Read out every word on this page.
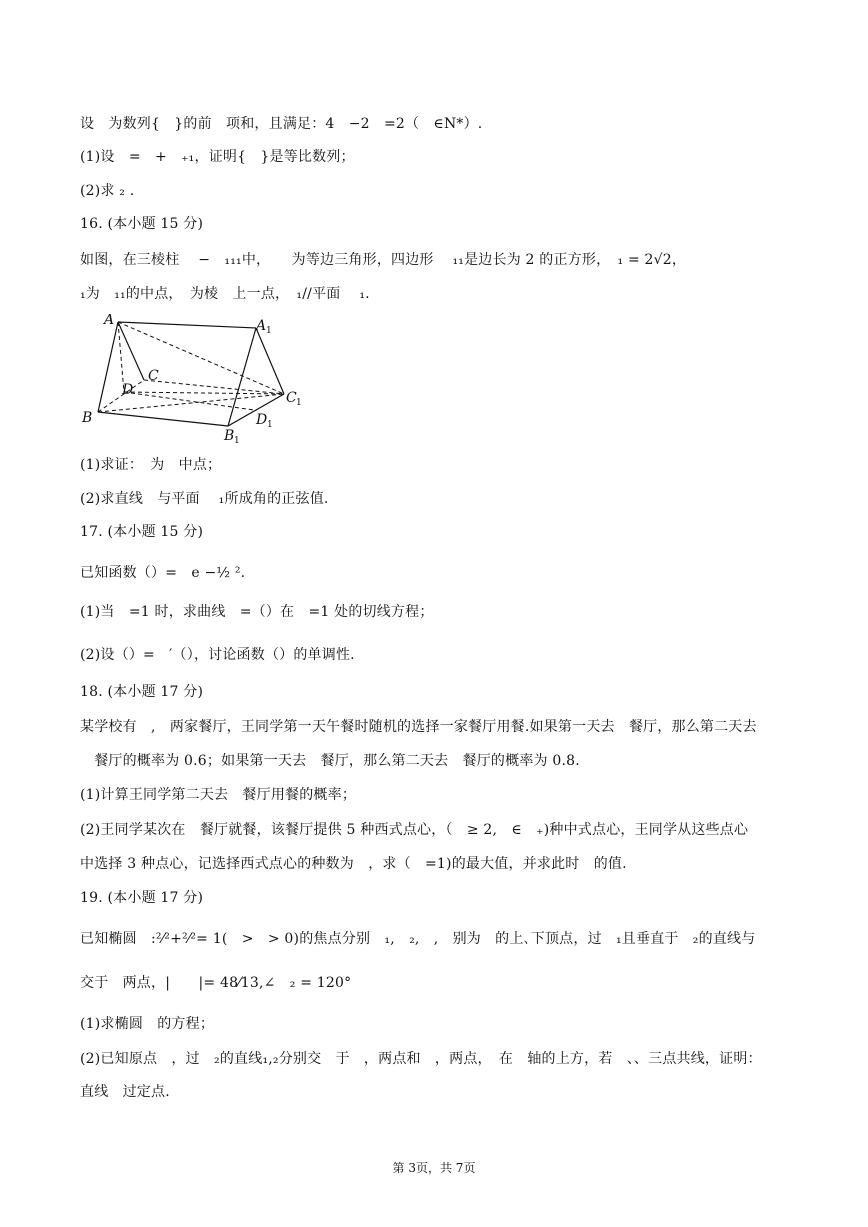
设　为数列{　}的前　项和，且满足：4　−2　=2（　∈N*）.
(1)设　=　+　₊₁，证明{　}是等比数列；
(2)求 ₂ .
16. (本小题 15 分)
如图，在三棱柱　 −　₁₁₁中，　　为等边三角形，四边形　 ₁₁是边长为 2 的正方形，　₁ = 2√2，
₁为　₁₁的中点，　为棱　上一点，　₁//平面　 ₁.
A	A 1
B
B 1
C
C 1
D
D 1
(1)求证：　为　中点；
(2)求直线　与平面　 ₁所成角的正弦值.
17. (本小题 15 分)
已知函数（）=　e −½ ².
(1)当　=1 时，求曲线　=（）在　=1 处的切线方程；
(2)设（）=　′（），讨论函数（）的单调性.
18. (本小题 17 分)
某学校有　,　两家餐厅，王同学第一天午餐时随机的选择一家餐厅用餐.如果第一天去　餐厅，那么第二天去
　餐厅的概率为 0.6；如果第一天去　餐厅，那么第二天去　餐厅的概率为 0.8.
(1)计算王同学第二天去　餐厅用餐的概率；
(2)王同学某次在　餐厅就餐，该餐厅提供 5 种西式点心，（　≥ 2,　∈　₊)种中式点心，王同学从这些点心
中选择 3 种点心，记选择西式点心的种数为　，求（　=1)的最大值，并求此时　的值.
19. (本小题 17 分)
已知椭圆　:²⁄²+²⁄²= 1(　>　> 0)的焦点分别　₁,　₂,　,　别为　的上､下顶点，过　₁且垂直于　₂的直线与
交于　两点，|　　|= 48⁄13,∠　₂ = 120°
(1)求椭圆　的方程；
(2)已知原点　，过　₂的直线₁,₂分别交　于　，两点和　，两点，　在　轴的上方，若　、、三点共线，证明：
直线　过定点.
第 3页，共 7页
